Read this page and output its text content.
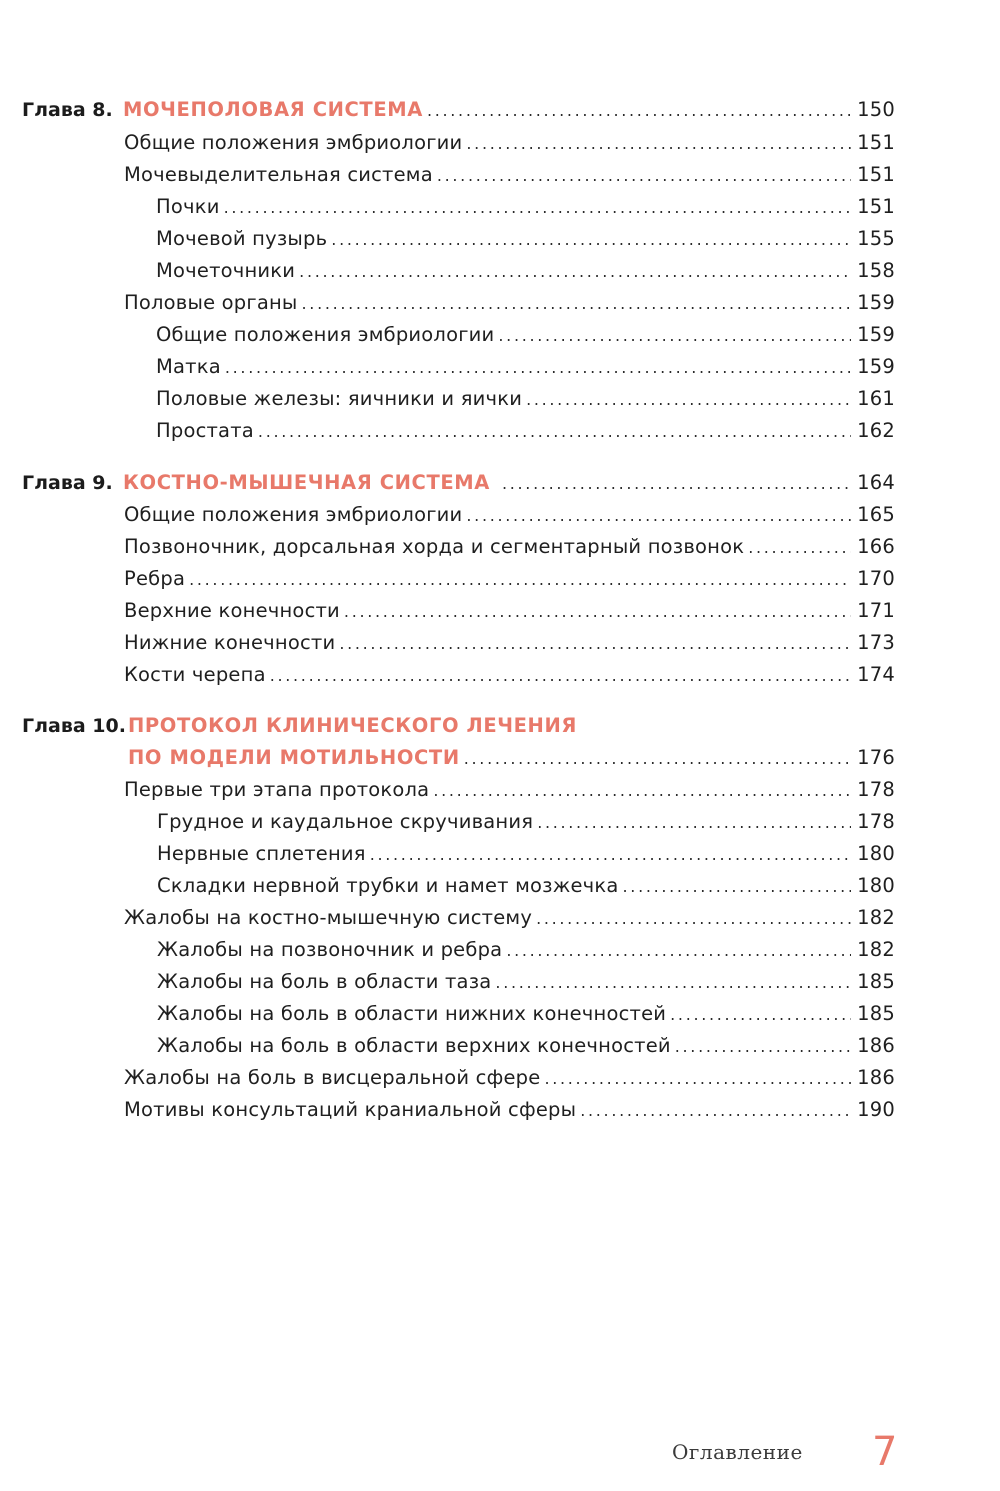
Глава 8. МОЧЕПОЛОВАЯ СИСТЕМА . . .	150
Общие положения эмбриологии . . .	151
Мочевыделительная система . . .	151
Почки . . .	151
Мочевой пузырь . . .	155
Мочеточники . . .	158
Половые органы . . .	159
Общие положения эмбриологии . . .	159
Матка . . .	159
Половые железы: яичники и яички . . .	161
Простата . . .	162
Глава 9. КОСТНО-МЫШЕЧНАЯ СИСТЕМА . . .	164
Общие положения эмбриологии . . .	165
Позвоночник, дорсальная хорда и сегментарный позвонок . . .	166
Ребра . . .	170
Верхние конечности . . .	171
Нижние конечности . . .	173
Кости черепа . . .	174
Глава 10. ПРОТОКОЛ КЛИНИЧЕСКОГО ЛЕЧЕНИЯ
ПО МОДЕЛИ МОТИЛЬНОСТИ . . .	176
Первые три этапа протокола . . .	178
Грудное и каудальное скручивания . . .	178
Нервные сплетения . . .	180
Складки нервной трубки и намет мозжечка . . .	180
Жалобы на костно-мышечную систему . . .	182
Жалобы на позвоночник и ребра . . .	182
Жалобы на боль в области таза . . .	185
Жалобы на боль в области нижних конечностей . . .	185
Жалобы на боль в области верхних конечностей . . .	186
Жалобы на боль в висцеральной сфере . . .	186
Мотивы консультаций краниальной сферы . . .	190
Оглавление 7
